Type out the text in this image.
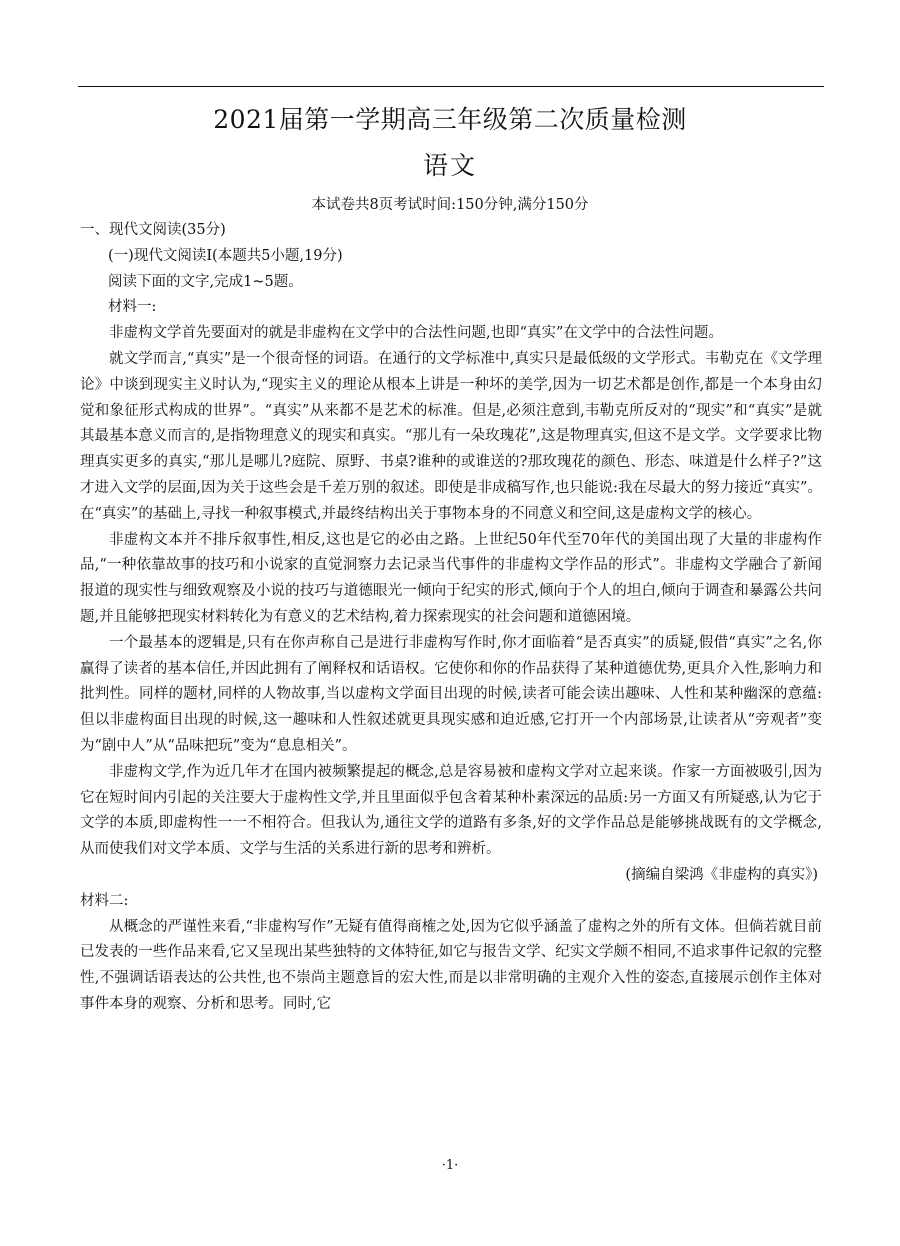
2021届第一学期高三年级第二次质量检测
语文
本试卷共8页考试时间:150分钟,满分150分

一、现代文阅读(35分)

(一)现代文阅读Ⅰ(本题共5小题,19分)

阅读下面的文字,完成1~5题。

材料一:

非虚构文学首先要面对的就是非虚构在文学中的合法性问题,也即“真实”在文学中的合法性问题。

就文学而言,“真实”是一个很奇怪的词语。在通行的文学标准中,真实只是最低级的文学形式。韦勒克在《文学理论》中谈到现实主义时认为,“现实主义的理论从根本上讲是一种坏的美学,因为一切艺术都是创作,都是一个本身由幻觉和象征形式构成的世界”。“真实”从来都不是艺术的标准。但是,必须注意到,韦勒克所反对的“现实”和“真实”是就其最基本意义而言的,是指物理意义的现实和真实。“那儿有一朵玫瑰花”,这是物理真实,但这不是文学。文学要求比物理真实更多的真实,“那儿是哪儿?庭院、原野、书桌?谁种的或谁送的?那玫瑰花的颜色、形态、味道是什么样子?”这才进入文学的层面,因为关于这些会是千差万别的叙述。即使是非成稿写作,也只能说:我在尽最大的努力接近“真实”。在“真实”的基础上,寻找一种叙事模式,并最终结构出关于事物本身的不同意义和空间,这是虚构文学的核心。

非虚构文本并不排斥叙事性,相反,这也是它的必由之路。上世纪50年代至70年代的美国出现了大量的非虚构作品,“一种依靠故事的技巧和小说家的直觉洞察力去记录当代事件的非虚构文学作品的形式”。非虚构文学融合了新闻报道的现实性与细致观察及小说的技巧与道德眼光一倾向于纪实的形式,倾向于个人的坦白,倾向于调查和暴露公共问题,并且能够把现实材料转化为有意义的艺术结构,着力探索现实的社会问题和道德困境。

一个最基本的逻辑是,只有在你声称自己是进行非虚构写作时,你才面临着“是否真实”的质疑,假借“真实”之名,你赢得了读者的基本信任,并因此拥有了阐释权和话语权。它使你和你的作品获得了某种道德优势,更具介入性,影响力和批判性。同样的题材,同样的人物故事,当以虚构文学面目出现的时候,读者可能会读出趣味、人性和某种幽深的意蕴:但以非虚构面目出现的时候,这一趣味和人性叙述就更具现实感和迫近感,它打开一个内部场景,让读者从“旁观者”变为“剧中人”从“品味把玩”变为“息息相关”。

非虚构文学,作为近几年才在国内被频繁提起的概念,总是容易被和虚构文学对立起来谈。作家一方面被吸引,因为它在短时间内引起的关注要大于虚构性文学,并且里面似乎包含着某种朴素深远的品质:另一方面又有所疑惑,认为它于文学的本质,即虚构性一一不相符合。但我认为,通往文学的道路有多条,好的文学作品总是能够挑战既有的文学概念,从而使我们对文学本质、文学与生活的关系进行新的思考和辨析。

(摘编自梁鸿《非虚构的真实》)

材料二:

从概念的严谨性来看,“非虚构写作”无疑有值得商榷之处,因为它似乎涵盖了虚构之外的所有文体。但倘若就目前已发表的一些作品来看,它又呈现出某些独特的文体特征,如它与报告文学、纪实文学颇不相同,不追求事件记叙的完整性,不强调话语表达的公共性,也不崇尚主题意旨的宏大性,而是以非常明确的主观介入性的姿态,直接展示创作主体对事件本身的观察、分析和思考。同时,它

·1·
